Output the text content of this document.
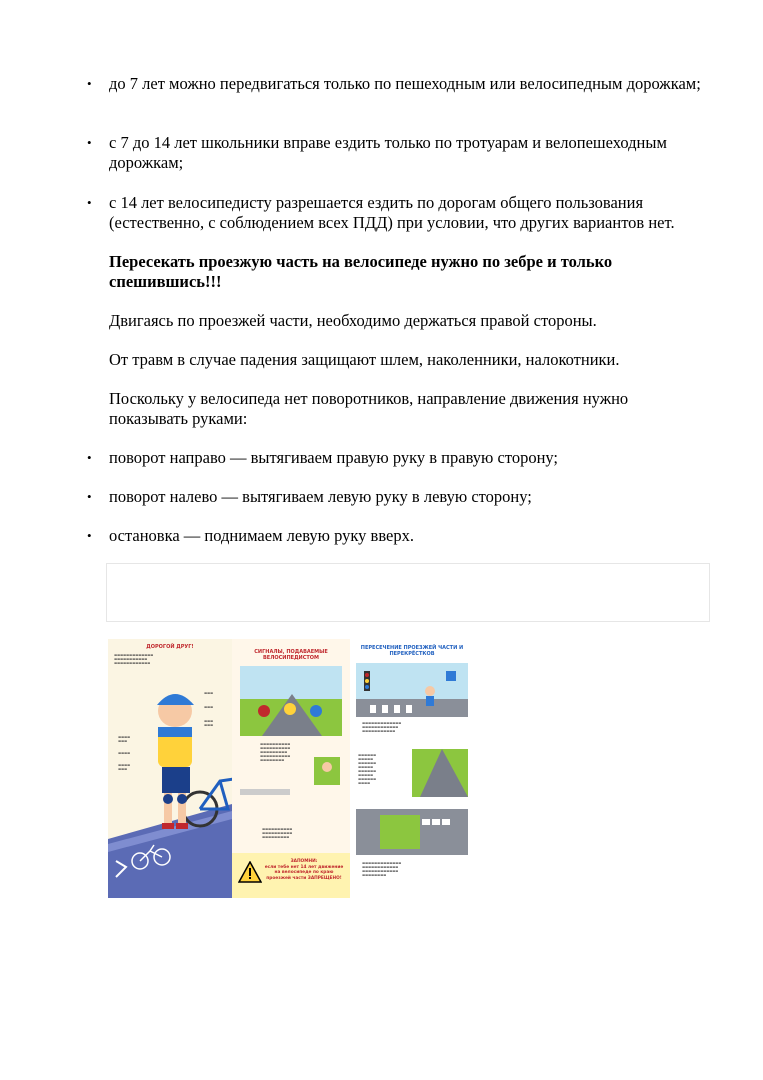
• до 7 лет можно передвигаться только по пешеходным или велосипедным дорожкам;
• с 7 до 14 лет школьники вправе ездить только по тротуарам и велопешеходным дорожкам;
• с 14 лет велосипедисту разрешается ездить по дорогам общего пользования (естественно, с соблюдением всех ПДД) при условии, что других вариантов нет.
Пересекать проезжую часть на велосипеде нужно по зебре и только спешившись!!!
Двигаясь по проезжей части, необходимо держаться правой стороны.
От травм в случае падения защищают шлем, наколенники, налокотники.
Поскольку у велосипеда нет поворотников, направление движения нужно показывать руками:
• поворот направо — вытягиваем правую руку в правую сторону;
• поворот налево — вытягиваем левую руку в левую сторону;
• остановка — поднимаем левую руку вверх.
ДОРОГОЙ ДРУГ!
▬▬▬▬▬▬▬▬▬▬▬▬▬
▬▬▬▬▬▬▬▬▬▬▬
▬▬▬▬▬▬▬▬▬▬▬▬
▬▬▬
▬▬▬
▬▬▬
▬▬▬
▬▬▬▬
▬▬▬
▬▬▬▬
▬▬▬▬
▬▬▬
СИГНАЛЫ, ПОДАВАЕМЫЕ ВЕЛОСИПЕДИСТОМ
▬▬▬▬▬▬▬▬▬▬
▬▬▬▬▬▬▬▬▬▬
▬▬▬▬▬▬▬▬▬
▬▬▬▬▬▬▬▬▬▬
▬▬▬▬▬▬▬▬
▬▬▬▬▬▬▬▬▬▬
▬▬▬▬▬▬▬▬▬▬
▬▬▬▬▬▬▬▬▬
ЗАПОМНИ:
если тебе нет 14 лет движение на велосипеде по краю проезжей части ЗАПРЕЩЕНО!
ПЕРЕСЕЧЕНИЕ ПРОЕЗЖЕЙ ЧАСТИ И ПЕРЕКРЁСТКОВ
▬▬▬▬▬▬▬▬▬▬▬▬▬
▬▬▬▬▬▬▬▬▬▬▬▬
▬▬▬▬▬▬▬▬▬▬▬
▬▬▬▬▬▬
▬▬▬▬▬
▬▬▬▬▬▬
▬▬▬▬▬
▬▬▬▬▬▬
▬▬▬▬▬
▬▬▬▬▬▬
▬▬▬▬
▬▬▬▬▬▬▬▬▬▬▬▬▬
▬▬▬▬▬▬▬▬▬▬▬▬
▬▬▬▬▬▬▬▬▬▬▬▬
▬▬▬▬▬▬▬▬
